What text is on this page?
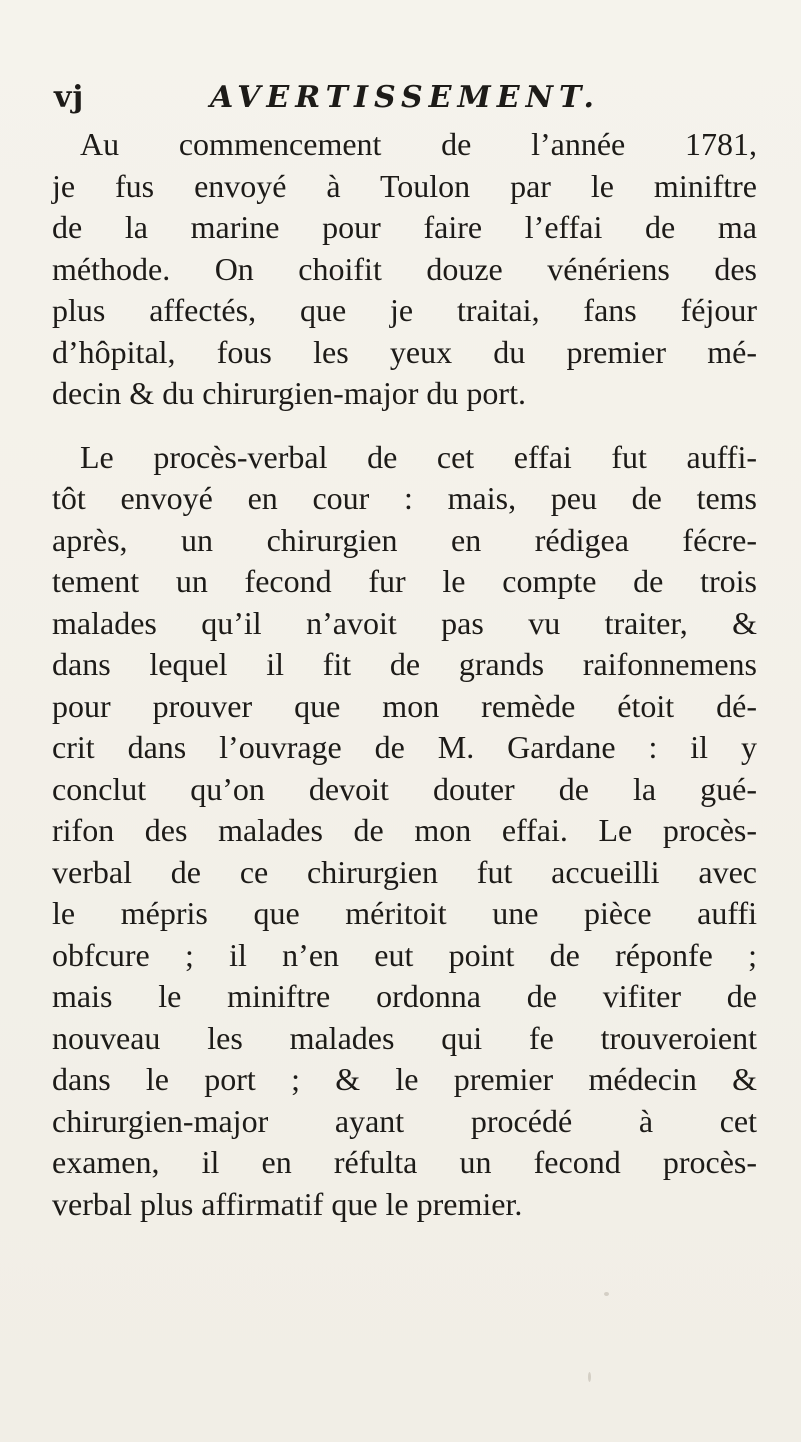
vj	AVERTISSEMENT.
Au commencement de l’année 1781,
je fus envoyé à Toulon par le miniftre
de la marine pour faire l’effai de ma
méthode. On choifit douze vénériens des
plus affectés, que je traitai, fans féjour
d’hôpital, fous les yeux du premier mé-
decin & du chirurgien-major du port.
Le procès-verbal de cet effai fut auffi-
tôt envoyé en cour : mais, peu de tems
après, un chirurgien en rédigea fécre-
tement un fecond fur le compte de trois
malades qu’il n’avoit pas vu traiter, &
dans lequel il fit de grands raifonnemens
pour prouver que mon remède étoit dé-
crit dans l’ouvrage de M. Gardane : il y
conclut qu’on devoit douter de la gué-
rifon des malades de mon effai. Le procès-
verbal de ce chirurgien fut accueilli avec
le mépris que méritoit une pièce auffi
obfcure ; il n’en eut point de réponfe ;
mais le miniftre ordonna de vifiter de
nouveau les malades qui fe trouveroient
dans le port ; & le premier médecin &
chirurgien-major ayant procédé à cet
examen, il en réfulta un fecond procès-
verbal plus affirmatif que le premier.
